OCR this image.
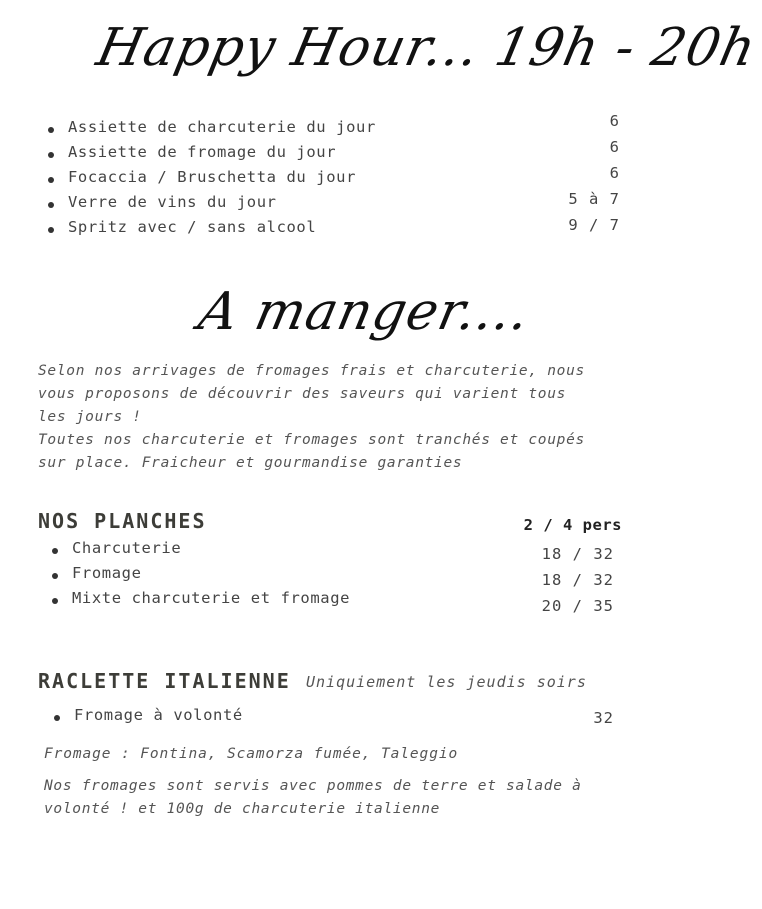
Happy Hour... 19h - 20h
Assiette de charcuterie du jour
Assiette de fromage du jour
Focaccia / Bruschetta du jour
Verre de vins du jour
Spritz avec / sans alcool
6
6
6
5 à 7
9 / 7
A manger....
Selon nos arrivages de fromages frais et charcuterie, nous vous proposons de découvrir des saveurs qui varient tous les jours !
Toutes nos charcuterie et fromages sont tranchés et coupés sur place. Fraicheur et gourmandise garanties
NOS PLANCHES	2 / 4 pers
Charcuterie
Fromage
Mixte charcuterie et fromage
18 / 32
18 / 32
20 / 35
RACLETTE ITALIENNE Uniquiement les jeudis soirs
Fromage à volonté	32
Fromage : Fontina, Scamorza fumée, Taleggio
Nos fromages sont servis avec pommes de terre et salade à volonté ! et 100g de charcuterie italienne
